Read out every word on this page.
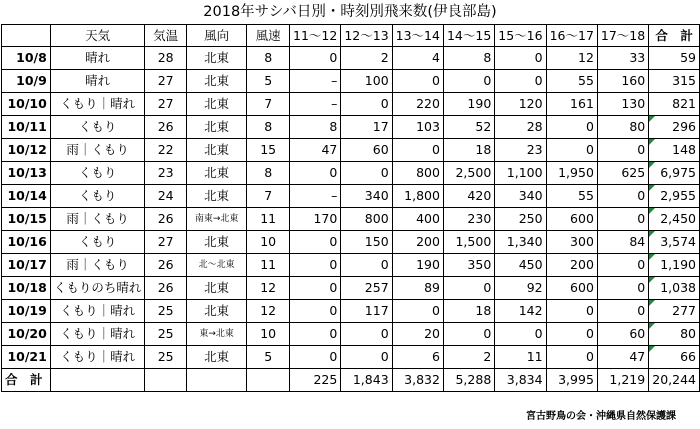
2018年サシバ日別・時刻別飛来数(伊良部島)
	天気	気温	風向	風速	11～12	12～13	13～14	14～15	15～16	16～17	17～18	合　計
10/8	晴れ	28	北東	8	0	2	4	8	0	12	33	59
10/9	晴れ	27	北東	5	–	100	0	0	0	55	160	315
10/10	くもり｜晴れ	27	北東	7	–	0	220	190	120	161	130	821
10/11	くもり	26	北東	8	8	17	103	52	28	0	80	296
10/12	雨｜くもり	22	北東	15	47	60	0	18	23	0	0	148
10/13	くもり	23	北東	8	0	0	800	2,500	1,100	1,950	625	6,975
10/14	くもり	24	北東	7	–	340	1,800	420	340	55	0	2,955
10/15	雨｜くもり	26	南東→北東	11	170	800	400	230	250	600	0	2,450
10/16	くもり	27	北東	10	0	150	200	1,500	1,340	300	84	3,574
10/17	雨｜くもり	26	北～北東	11	0	0	190	350	450	200	0	1,190
10/18	くもりのち晴れ	26	北東	12	0	257	89	0	92	600	0	1,038
10/19	くもり｜晴れ	25	北東	12	0	117	0	18	142	0	0	277
10/20	くもり｜晴れ	25	東→北東	10	0	0	20	0	0	0	60	80
10/21	くもり｜晴れ	25	北東	5	0	0	6	2	11	0	47	66
合　計					225	1,843	3,832	5,288	3,834	3,995	1,219	20,244
宮古野鳥の会・沖縄県自然保護課
